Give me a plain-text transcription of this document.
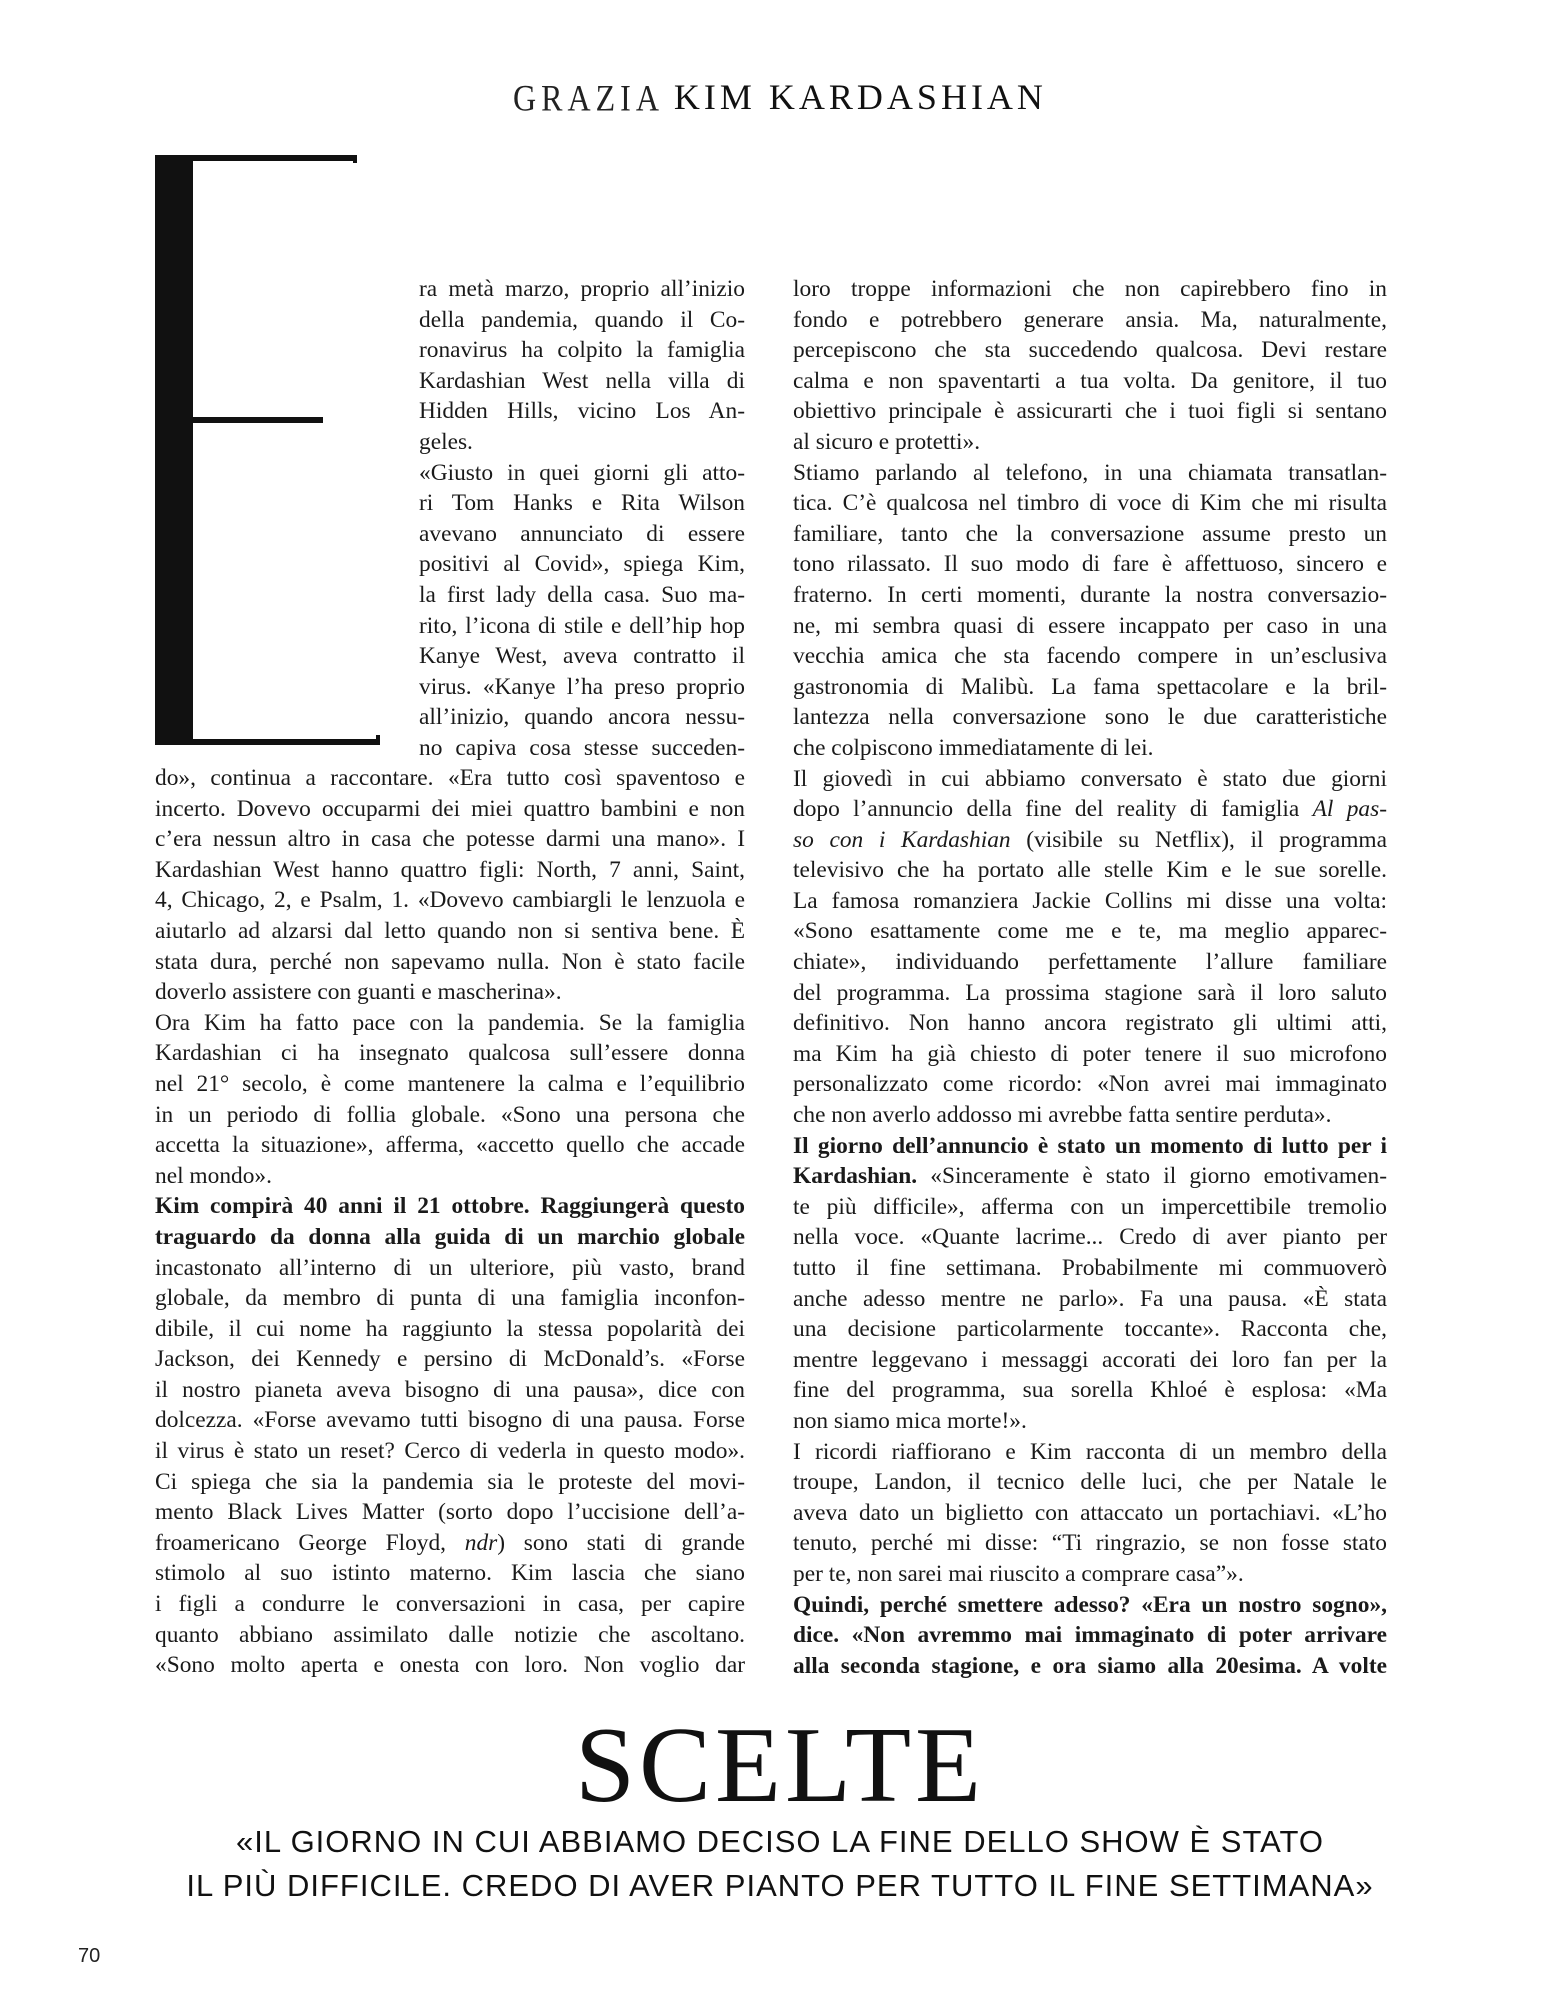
GRAZIA KIM KARDASHIAN
ra metà marzo, proprio all’inizio
della pandemia, quando il Co-
ronavirus ha colpito la famiglia
Kardashian West nella villa di
Hidden Hills, vicino Los An-
geles.
«Giusto in quei giorni gli atto-
ri Tom Hanks e Rita Wilson
avevano annunciato di essere
positivi al Covid», spiega Kim,
la first lady della casa. Suo ma-
rito, l’icona di stile e dell’hip hop
Kanye West, aveva contratto il
virus. «Kanye l’ha preso proprio
all’inizio, quando ancora nessu-
no capiva cosa stesse succeden-
do», continua a raccontare. «Era tutto così spaventoso e
incerto. Dovevo occuparmi dei miei quattro bambini e non
c’era nessun altro in casa che potesse darmi una mano». I
Kardashian West hanno quattro figli: North, 7 anni, Saint,
4, Chicago, 2, e Psalm, 1. «Dovevo cambiargli le lenzuola e
aiutarlo ad alzarsi dal letto quando non si sentiva bene. È
stata dura, perché non sapevamo nulla. Non è stato facile
doverlo assistere con guanti e mascherina».
Ora Kim ha fatto pace con la pandemia. Se la famiglia
Kardashian ci ha insegnato qualcosa sull’essere donna
nel 21° secolo, è come mantenere la calma e l’equilibrio
in un periodo di follia globale. «Sono una persona che
accetta la situazione», afferma, «accetto quello che accade
nel mondo».
Kim compirà 40 anni il 21 ottobre. Raggiungerà questo
traguardo da donna alla guida di un marchio globale
incastonato all’interno di un ulteriore, più vasto, brand
globale, da membro di punta di una famiglia inconfon-
dibile, il cui nome ha raggiunto la stessa popolarità dei
Jackson, dei Kennedy e persino di McDonald’s. «Forse
il nostro pianeta aveva bisogno di una pausa», dice con
dolcezza. «Forse avevamo tutti bisogno di una pausa. Forse
il virus è stato un reset? Cerco di vederla in questo modo».
Ci spiega che sia la pandemia sia le proteste del movi-
mento Black Lives Matter (sorto dopo l’uccisione dell’a-
froamericano George Floyd, ndr) sono stati di grande
stimolo al suo istinto materno. Kim lascia che siano
i figli a condurre le conversazioni in casa, per capire
quanto abbiano assimilato dalle notizie che ascoltano.
«Sono molto aperta e onesta con loro. Non voglio dar
loro troppe informazioni che non capirebbero fino in
fondo e potrebbero generare ansia. Ma, naturalmente,
percepiscono che sta succedendo qualcosa. Devi restare
calma e non spaventarti a tua volta. Da genitore, il tuo
obiettivo principale è assicurarti che i tuoi figli si sentano
al sicuro e protetti».
Stiamo parlando al telefono, in una chiamata transatlan-
tica. C’è qualcosa nel timbro di voce di Kim che mi risulta
familiare, tanto che la conversazione assume presto un
tono rilassato. Il suo modo di fare è affettuoso, sincero e
fraterno. In certi momenti, durante la nostra conversazio-
ne, mi sembra quasi di essere incappato per caso in una
vecchia amica che sta facendo compere in un’esclusiva
gastronomia di Malibù. La fama spettacolare e la bril-
lantezza nella conversazione sono le due caratteristiche
che colpiscono immediatamente di lei.
Il giovedì in cui abbiamo conversato è stato due giorni
dopo l’annuncio della fine del reality di famiglia Al pas-
so con i Kardashian (visibile su Netflix), il programma
televisivo che ha portato alle stelle Kim e le sue sorelle.
La famosa romanziera Jackie Collins mi disse una volta:
«Sono esattamente come me e te, ma meglio apparec-
chiate», individuando perfettamente l’allure familiare
del programma. La prossima stagione sarà il loro saluto
definitivo. Non hanno ancora registrato gli ultimi atti,
ma Kim ha già chiesto di poter tenere il suo microfono
personalizzato come ricordo: «Non avrei mai immaginato
che non averlo addosso mi avrebbe fatta sentire perduta».
Il giorno dell’annuncio è stato un momento di lutto per i
Kardashian. «Sinceramente è stato il giorno emotivamen-
te più difficile», afferma con un impercettibile tremolio
nella voce. «Quante lacrime... Credo di aver pianto per
tutto il fine settimana. Probabilmente mi commuoverò
anche adesso mentre ne parlo». Fa una pausa. «È stata
una decisione particolarmente toccante». Racconta che,
mentre leggevano i messaggi accorati dei loro fan per la
fine del programma, sua sorella Khloé è esplosa: «Ma
non siamo mica morte!».
I ricordi riaffiorano e Kim racconta di un membro della
troupe, Landon, il tecnico delle luci, che per Natale le
aveva dato un biglietto con attaccato un portachiavi. «L’ho
tenuto, perché mi disse: “Ti ringrazio, se non fosse stato
per te, non sarei mai riuscito a comprare casa”».
Quindi, perché smettere adesso? «Era un nostro sogno»,
dice. «Non avremmo mai immaginato di poter arrivare
alla seconda stagione, e ora siamo alla 20esima. A volte
SCELTE
«IL GIORNO IN CUI ABBIAMO DECISO LA FINE DELLO SHOW È STATO
IL PIÙ DIFFICILE. CREDO DI AVER PIANTO PER TUTTO IL FINE SETTIMANA»
70
